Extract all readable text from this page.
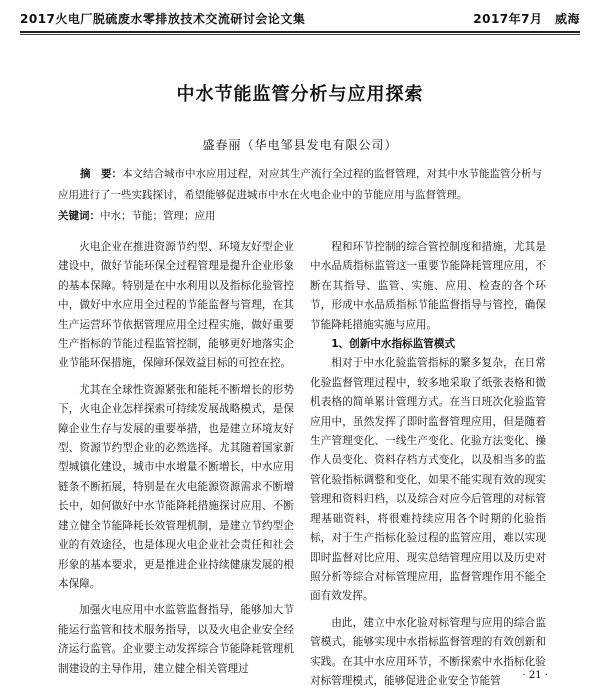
2017火电厂脱硫废水零排放技术交流研讨会论文集	2017年7月　威海
中水节能监管分析与应用探索
盛春丽（华电邹县发电有限公司）
摘　要：本文结合城市中水应用过程，对应其生产流行全过程的监督管理，对其中水节能监管分析与应用进行了一些实践探讨，希望能够促进城市中水在火电企业中的节能应用与监督管理。
关键词：中水；节能；管理；应用

火电企业在推进资源节约型、环境友好型企业建设中，做好节能环保全过程管理是提升企业形象的基本保障。特别是在中水利用以及指标化验管控中，做好中水应用全过程的节能监督与管理，在其生产运营环节依据管理应用全过程实施，做好重要生产指标的节能过程监管控制，能够更好地落实企业节能环保措施，保障环保效益目标的可控在控。

尤其在全球性资源紧张和能耗不断增长的形势下，火电企业怎样探索可持续发展战略模式，是保障企业生存与发展的重要举措，也是建立环境友好型、资源节约型企业的必然选择。尤其随着国家新型城镇化建设，城市中水增量不断增长，中水应用链条不断拓展，特别是在火电能源资源需求不断增长中，如何做好中水节能降耗措施探讨应用、不断建立健全节能降耗长效管理机制，是建立节约型企业的有效途径，也是体现火电企业社会责任和社会形象的基本要求，更是推进企业持续健康发展的根本保障。

加强火电应用中水监管监督指导，能够加大节能运行监管和技术服务指导，以及火电企业安全经济运行监管。企业要主动发挥综合节能降耗管理机制建设的主导作用，建立健全相关管理过

程和环节控制的综合管控制度和措施，尤其是中水品质指标监管这一重要节能降耗管理应用，不断在其指导、监管、实施、应用、检查的各个环节，形成中水品质指标节能监督指导与管控，确保节能降耗措施实施与应用。

1、创新中水指标监管模式

相对于中水化验监管指标的繁多复杂，在日常化验监督管理过程中，较多地采取了纸张表格和微机表格的简单累计管理方式。在当日班次化验监管应用中，虽然发挥了即时监督管理应用，但是随着生产管理变化、一线生产变化、化验方法变化、操作人员变化、资料存档方式变化，以及相当多的监管化验指标调整和变化，如果不能实现有效的现实管理和资料归档，以及综合对应今后管理的对标管理基础资料，将很难持续应用各个时期的化验指标，对于生产指标化验过程的监管应用，难以实现即时监督对比应用、现实总结管理应用以及历史对照分析等综合对标管理应用，监督管理作用不能全面有效发挥。

由此，建立中水化验对标管理与应用的综合监管模式，能够实现中水指标监督管理的有效创新和实践。在其中水应用环节，不断探索中水指标化验对标管理模式，能够促进企业安全节能管	· 21 ·
